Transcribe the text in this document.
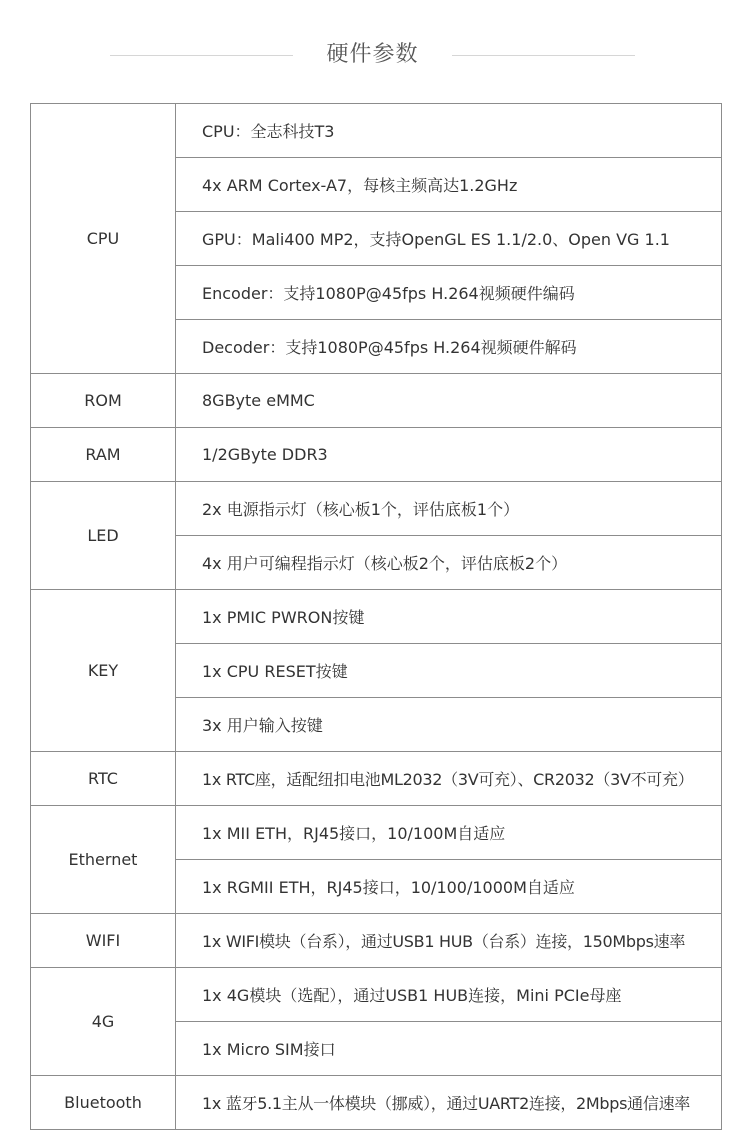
硬件参数
CPU	CPU：全志科技T3
	4x ARM Cortex-A7，每核主频高达1.2GHz
	GPU：Mali400 MP2，支持OpenGL ES 1.1/2.0、Open VG 1.1
	Encoder：支持1080P@45fps H.264视频硬件编码
	Decoder：支持1080P@45fps H.264视频硬件解码
ROM	8GByte eMMC
RAM	1/2GByte DDR3
LED	2x 电源指示灯（核心板1个，评估底板1个）
	4x 用户可编程指示灯（核心板2个，评估底板2个）
KEY	1x PMIC PWRON按键
	1x CPU RESET按键
	3x 用户输入按键
RTC	1x RTC座，适配纽扣电池ML2032（3V可充）、CR2032（3V不可充）
Ethernet	1x MII ETH，RJ45接口，10/100M自适应
	1x RGMII ETH，RJ45接口，10/100/1000M自适应
WIFI	1x WIFI模块（台系），通过USB1 HUB（台系）连接，150Mbps速率
4G	1x 4G模块（选配），通过USB1 HUB连接，Mini PCIe母座
	1x Micro SIM接口
Bluetooth	1x 蓝牙5.1主从一体模块（挪威），通过UART2连接，2Mbps通信速率
